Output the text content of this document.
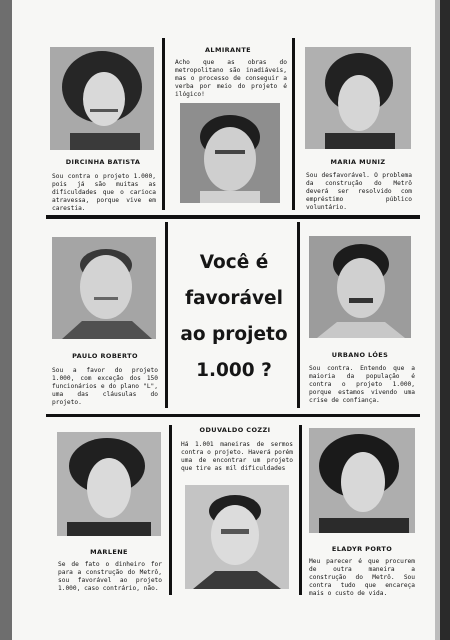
DIRCINHA BATISTA
Sou contra o projeto 1.000, pois já são muitas as dificuldades que o carioca atravessa, porque vive em carestia.
ALMIRANTE
Acho que as obras do metropolitano são inadiáveis, mas o processo de conseguir a verba por meio do projeto é ilógico!
MARIA MUNIZ
Sou desfavorável. O problema da construção do Metrô deverá ser resolvido com empréstimo público voluntário.
PAULO ROBERTO
Sou a favor do projeto 1.000, com exceção dos 150 funcionários e do plano "L", uma das cláusulas do projeto.
Você é
favorável
ao projeto
1.000 ?
URBANO LÓES
Sou contra. Entendo que a maioria da população é contra o projeto 1.000, porque estamos vivendo uma crise de confiança.
MARLENE
Se de fato o dinheiro for para a construção do Metrô, sou favorável ao projeto 1.000, caso contrário, não.
ODUVALDO COZZI
Há 1.001 maneiras de sermos contra o projeto. Haverá porém uma de encontrar um projeto que tire as mil dificuldades
ELADYR PORTO
Meu parecer é que procurem de outra maneira a construção do Metrô. Sou contra tudo que encareça mais o custo de vida.
